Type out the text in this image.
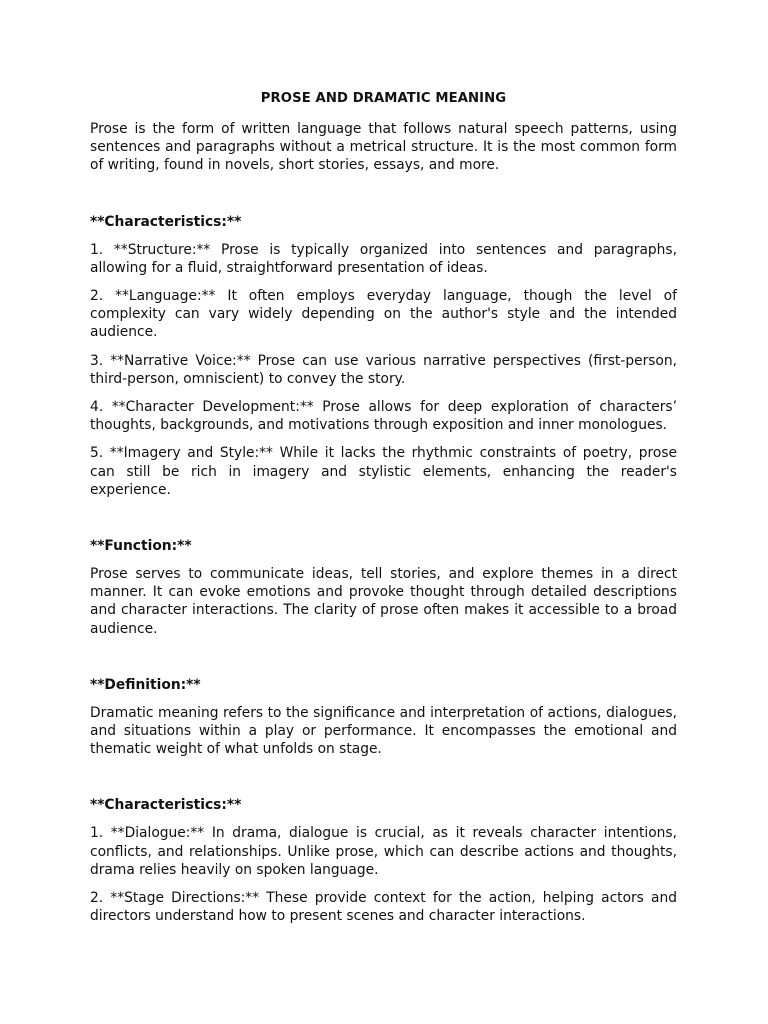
PROSE AND DRAMATIC MEANING

Prose is the form of written language that follows natural speech patterns, using sentences and paragraphs without a metrical structure. It is the most common form of writing, found in novels, short stories, essays, and more.

**Characteristics:**

1. **Structure:** Prose is typically organized into sentences and paragraphs, allowing for a fluid, straightforward presentation of ideas.

2. **Language:** It often employs everyday language, though the level of complexity can vary widely depending on the author's style and the intended audience.

3. **Narrative Voice:** Prose can use various narrative perspectives (first-person, third-person, omniscient) to convey the story.

4. **Character Development:** Prose allows for deep exploration of characters’ thoughts, backgrounds, and motivations through exposition and inner monologues.

5. **Imagery and Style:** While it lacks the rhythmic constraints of poetry, prose can still be rich in imagery and stylistic elements, enhancing the reader's experience.

**Function:**

Prose serves to communicate ideas, tell stories, and explore themes in a direct manner. It can evoke emotions and provoke thought through detailed descriptions and character interactions. The clarity of prose often makes it accessible to a broad audience.

**Definition:**

Dramatic meaning refers to the significance and interpretation of actions, dialogues, and situations within a play or performance. It encompasses the emotional and thematic weight of what unfolds on stage.

**Characteristics:**

1. **Dialogue:** In drama, dialogue is crucial, as it reveals character intentions, conflicts, and relationships. Unlike prose, which can describe actions and thoughts, drama relies heavily on spoken language.

2. **Stage Directions:** These provide context for the action, helping actors and directors understand how to present scenes and character interactions.
